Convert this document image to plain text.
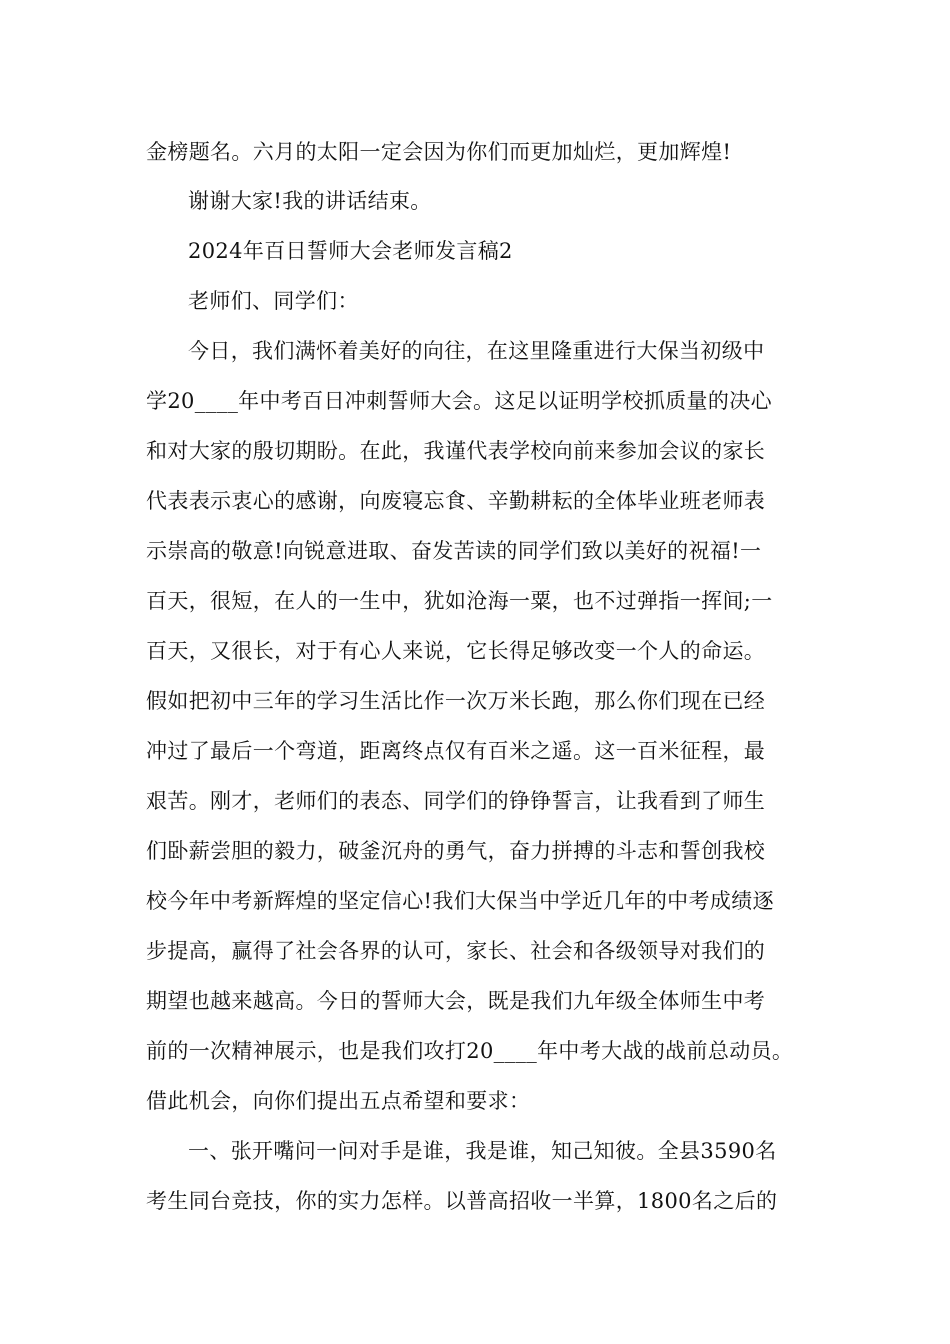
金榜题名。六月的太阳一定会因为你们而更加灿烂，更加辉煌!
谢谢大家!我的讲话结束。
2024年百日誓师大会老师发言稿2
老师们、同学们：
今日，我们满怀着美好的向往，在这里隆重进行大保当初级中
学20____年中考百日冲刺誓师大会。这足以证明学校抓质量的决心
和对大家的殷切期盼。在此，我谨代表学校向前来参加会议的家长
代表表示衷心的感谢，向废寝忘食、辛勤耕耘的全体毕业班老师表
示崇高的敬意!向锐意进取、奋发苦读的同学们致以美好的祝福!一
百天，很短，在人的一生中，犹如沧海一粟，也不过弹指一挥间;一
百天，又很长，对于有心人来说，它长得足够改变一个人的命运。
假如把初中三年的学习生活比作一次万米长跑，那么你们现在已经
冲过了最后一个弯道，距离终点仅有百米之遥。这一百米征程，最
艰苦。刚才，老师们的表态、同学们的铮铮誓言，让我看到了师生
们卧薪尝胆的毅力，破釜沉舟的勇气，奋力拼搏的斗志和誓创我校
校今年中考新辉煌的坚定信心!我们大保当中学近几年的中考成绩逐
步提高，赢得了社会各界的认可，家长、社会和各级领导对我们的
期望也越来越高。今日的誓师大会，既是我们九年级全体师生中考
前的一次精神展示，也是我们攻打20____年中考大战的战前总动员。
借此机会，向你们提出五点希望和要求：
一、张开嘴问一问对手是谁，我是谁，知己知彼。全县3590名
考生同台竞技，你的实力怎样。以普高招收一半算，1800名之后的
